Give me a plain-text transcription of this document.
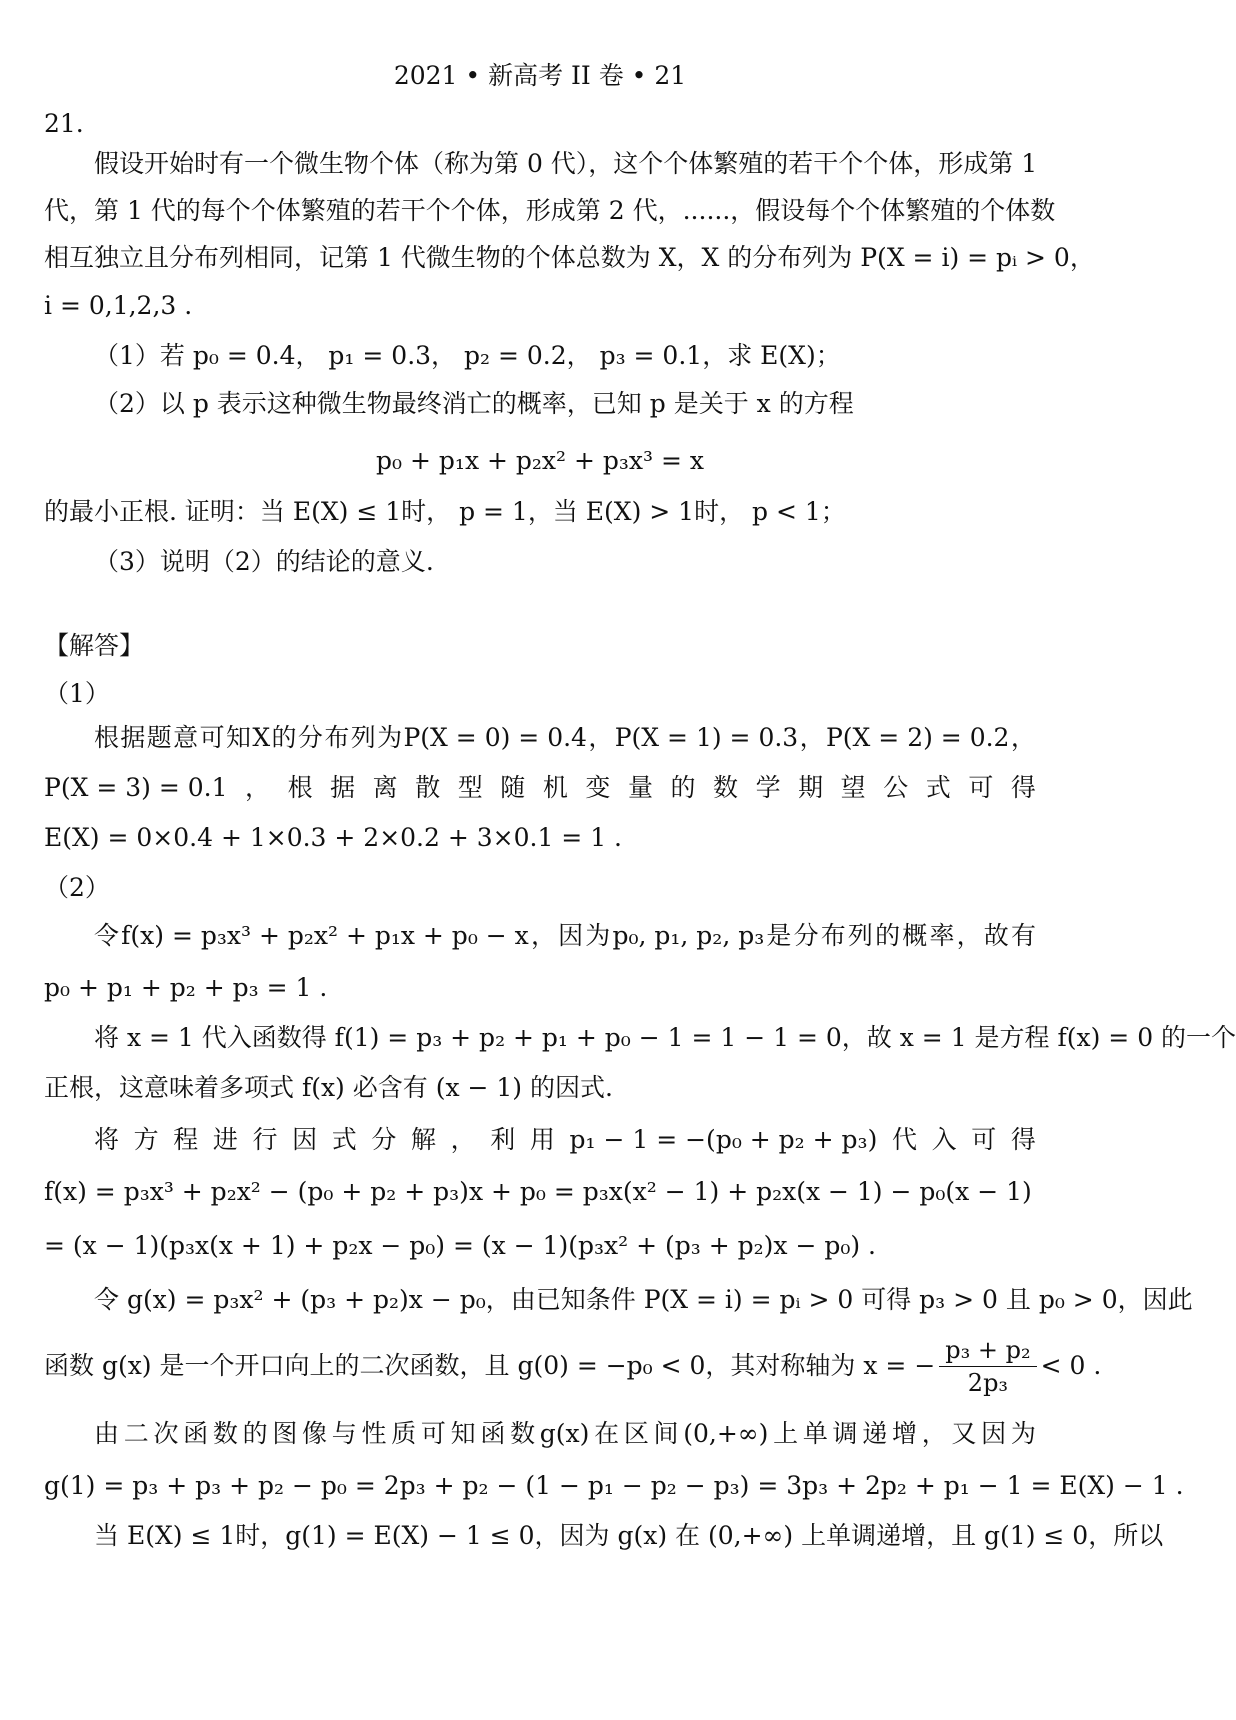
2021 • 新高考 II 卷 • 21
21.
假设开始时有一个微生物个体（称为第 0 代），这个个体繁殖的若干个个体，形成第 1
代，第 1 代的每个个体繁殖的若干个个体，形成第 2 代，......，假设每个个体繁殖的个体数
相互独立且分布列相同，记第 1 代微生物的个体总数为 X，X 的分布列为 P(X = i) = pᵢ > 0，
i = 0,1,2,3 .
（1）若 p₀ = 0.4， p₁ = 0.3， p₂ = 0.2， p₃ = 0.1，求 E(X)；
（2）以 p 表示这种微生物最终消亡的概率，已知 p 是关于 x 的方程
p₀ + p₁x + p₂x² + p₃x³ = x
的最小正根. 证明：当 E(X) ≤ 1时， p = 1，当 E(X) > 1时， p < 1；
（3）说明（2）的结论的意义.
【解答】
（1）
根 据 题 意 可 知 X 的 分 布 列 为 P(X = 0) = 0.4 ， P(X = 1) = 0.3 ， P(X = 2) = 0.2 ，
P(X = 3) = 0.1 ， 根 据 离 散 型 随 机 变 量 的 数 学 期 望 公 式 可 得
E(X) = 0×0.4 + 1×0.3 + 2×0.2 + 3×0.1 = 1 .
（2）
令 f(x) = p₃x³ + p₂x² + p₁x + p₀ − x ， 因 为 p₀, p₁, p₂, p₃ 是 分 布 列 的 概 率 ， 故 有
p₀ + p₁ + p₂ + p₃ = 1 .
将 x = 1 代入函数得 f(1) = p₃ + p₂ + p₁ + p₀ − 1 = 1 − 1 = 0，故 x = 1 是方程 f(x) = 0 的一个
正根，这意味着多项式 f(x) 必含有 (x − 1) 的因式.
将 方 程 进 行 因 式 分 解 ， 利 用 p₁ − 1 = −(p₀ + p₂ + p₃) 代 入 可 得
f(x) = p₃x³ + p₂x² − (p₀ + p₂ + p₃)x + p₀ = p₃x(x² − 1) + p₂x(x − 1) − p₀(x − 1)
= (x − 1)(p₃x(x + 1) + p₂x − p₀) = (x − 1)(p₃x² + (p₃ + p₂)x − p₀) .
令 g(x) = p₃x² + (p₃ + p₂)x − p₀，由已知条件 P(X = i) = pᵢ > 0 可得 p₃ > 0 且 p₀ > 0，因此
函数 g(x) 是一个开口向上的二次函数，且 g(0) = −p₀ < 0，其对称轴为 x = − $\frac{\text{p₃ + p₂}}{\text{2p₃}} < 0$ .
由 二 次 函 数 的 图 像 与 性 质 可 知 函 数 g(x) 在 区 间 (0,+∞) 上 单 调 递 增 ， 又 因 为
g(1) = p₃ + p₃ + p₂ − p₀ = 2p₃ + p₂ − (1 − p₁ − p₂ − p₃) = 3p₃ + 2p₂ + p₁ − 1 = E(X) − 1 .
当 E(X) ≤ 1时，g(1) = E(X) − 1 ≤ 0，因为 g(x) 在 (0,+∞) 上单调递增，且 g(1) ≤ 0，所以
